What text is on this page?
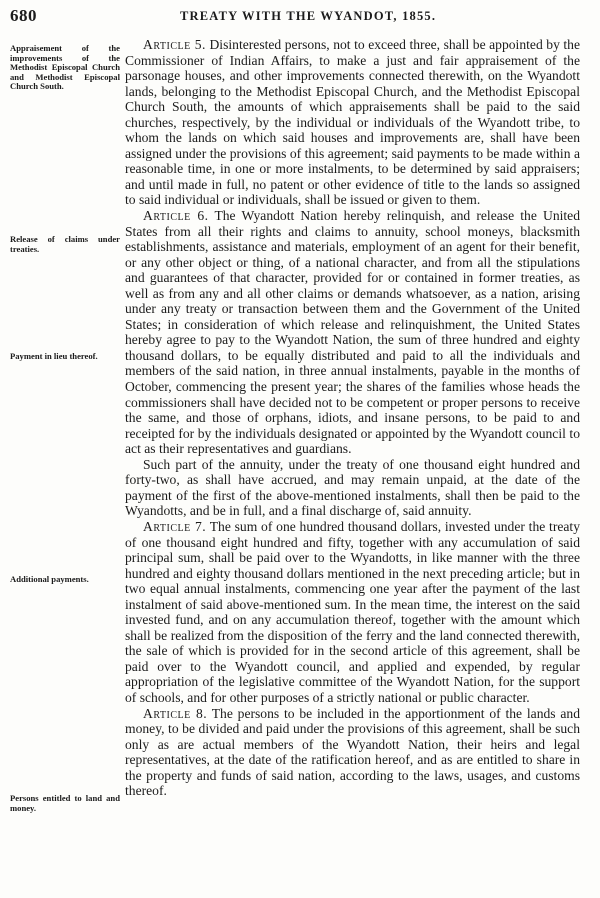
680	TREATY WITH THE WYANDOT, 1855.
Appraisement of the improvements of the Methodist Episcopal Church and Methodist Episcopal Church South.
Release of claims under treaties.
Payment in lieu thereof.
Additional payments.
Persons entitled to land and money.

Article 5. Disinterested persons, not to exceed three, shall be appointed by the Commissioner of Indian Affairs, to make a just and fair appraisement of the parsonage houses, and other improvements connected therewith, on the Wyandott lands, belonging to the Methodist Episcopal Church, and the Methodist Episcopal Church South, the amounts of which appraisements shall be paid to the said churches, respectively, by the individual or individuals of the Wyandott tribe, to whom the lands on which said houses and improvements are, shall have been assigned under the provisions of this agreement; said payments to be made within a reasonable time, in one or more instalments, to be determined by said appraisers; and until made in full, no patent or other evidence of title to the lands so assigned to said individual or individuals, shall be issued or given to them.

Article 6. The Wyandott Nation hereby relinquish, and release the United States from all their rights and claims to annuity, school moneys, blacksmith establishments, assistance and materials, employment of an agent for their benefit, or any other object or thing, of a national character, and from all the stipulations and guarantees of that character, provided for or contained in former treaties, as well as from any and all other claims or demands whatsoever, as a nation, arising under any treaty or transaction between them and the Government of the United States; in consideration of which release and relinquishment, the United States hereby agree to pay to the Wyandott Nation, the sum of three hundred and eighty thousand dollars, to be equally distributed and paid to all the individuals and members of the said nation, in three annual instalments, payable in the months of October, commencing the present year; the shares of the families whose heads the commissioners shall have decided not to be competent or proper persons to receive the same, and those of orphans, idiots, and insane persons, to be paid to and receipted for by the individuals designated or appointed by the Wyandott council to act as their representatives and guardians.

Such part of the annuity, under the treaty of one thousand eight hundred and forty-two, as shall have accrued, and may remain unpaid, at the date of the payment of the first of the above-mentioned instalments, shall then be paid to the Wyandotts, and be in full, and a final discharge of, said annuity.

Article 7. The sum of one hundred thousand dollars, invested under the treaty of one thousand eight hundred and fifty, together with any accumulation of said principal sum, shall be paid over to the Wyandotts, in like manner with the three hundred and eighty thousand dollars mentioned in the next preceding article; but in two equal annual instalments, commencing one year after the payment of the last instalment of said above-mentioned sum. In the mean time, the interest on the said invested fund, and on any accumulation thereof, together with the amount which shall be realized from the disposition of the ferry and the land connected therewith, the sale of which is provided for in the second article of this agreement, shall be paid over to the Wyandott council, and applied and expended, by regular appropriation of the legislative committee of the Wyandott Nation, for the support of schools, and for other purposes of a strictly national or public character.

Article 8. The persons to be included in the apportionment of the lands and money, to be divided and paid under the provisions of this agreement, shall be such only as are actual members of the Wyandott Nation, their heirs and legal representatives, at the date of the ratification hereof, and as are entitled to share in the property and funds of said nation, according to the laws, usages, and customs thereof.
